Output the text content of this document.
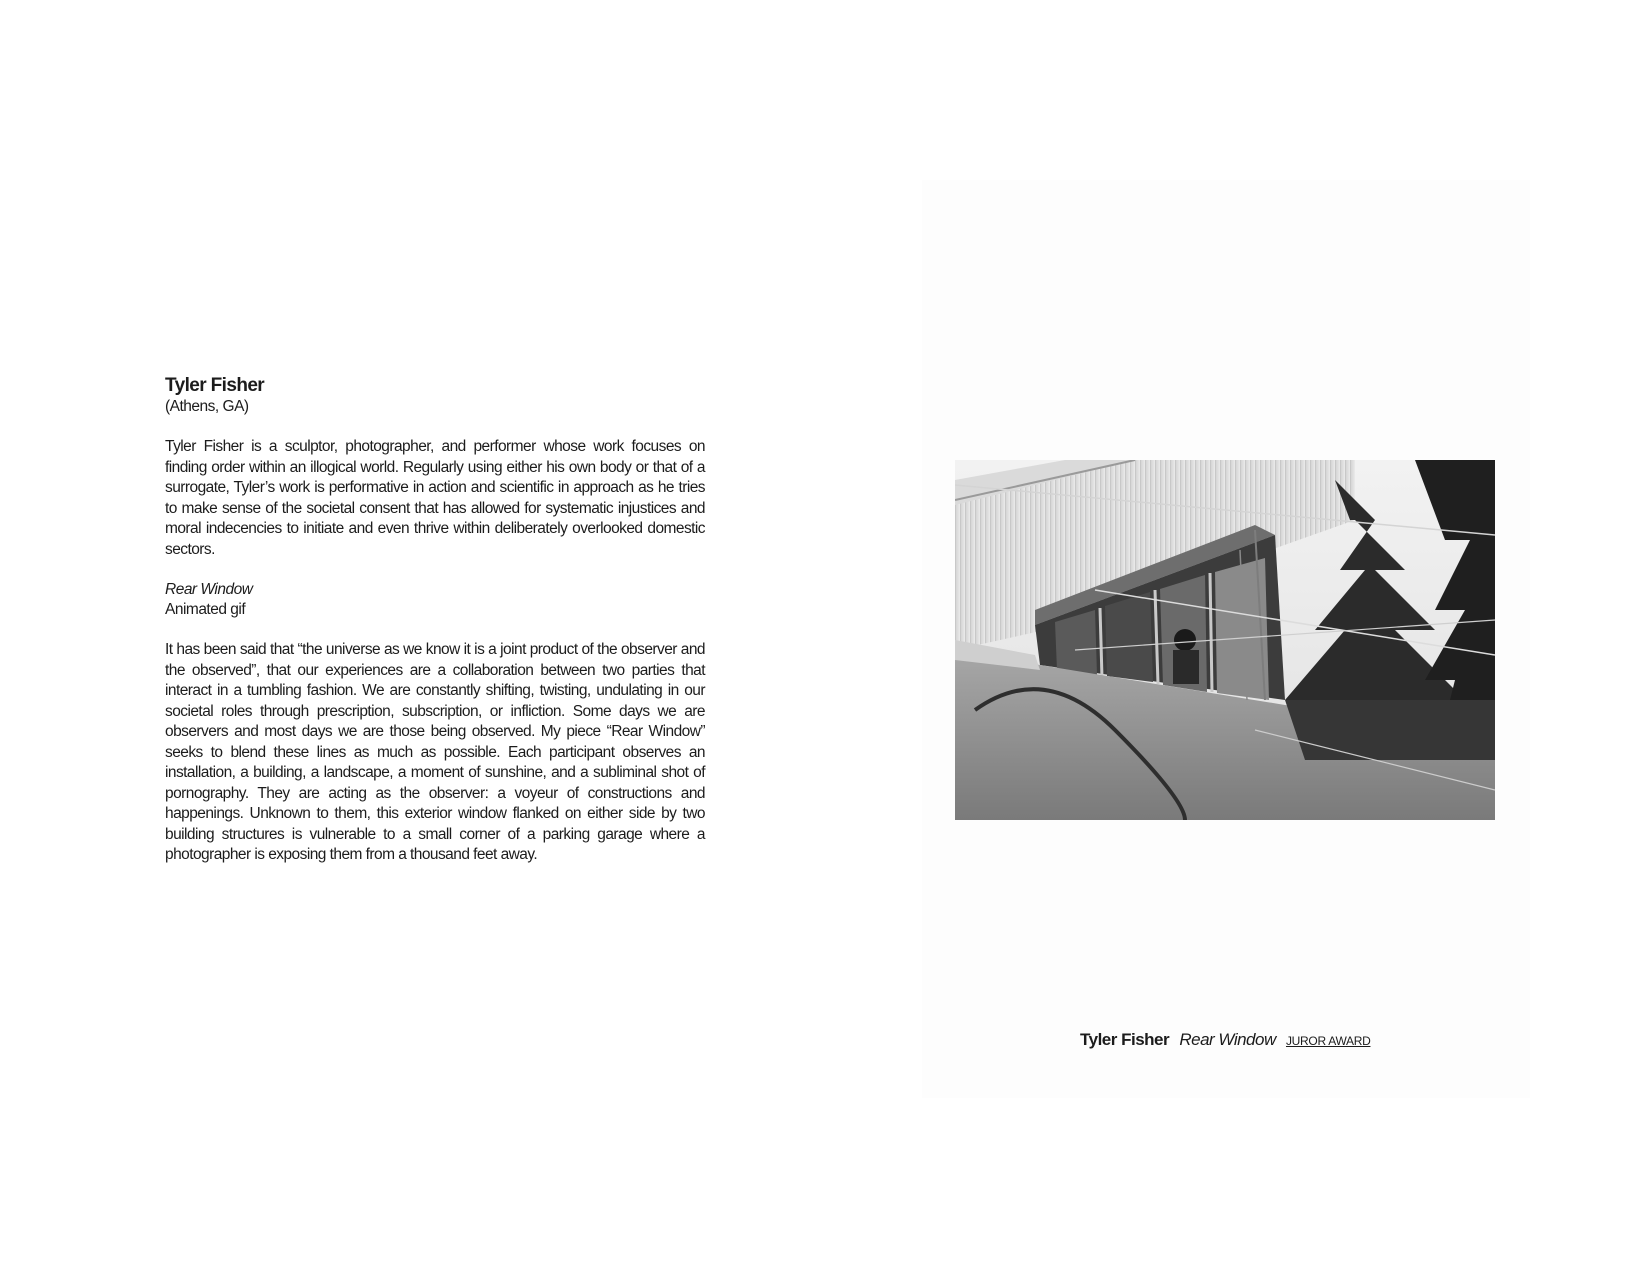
Tyler Fisher

(Athens, GA)

Tyler Fisher is a sculptor, photographer, and performer whose work focuses on finding order within an illogical world. Regularly using either his own body or that of a surrogate, Tyler’s work is performative in action and scientific in approach as he tries to make sense of the societal consent that has allowed for systematic injustices and moral indecencies to initiate and even thrive within deliberately overlooked domestic sectors.

Rear Window

Animated gif

It has been said that “the universe as we know it is a joint product of the observer and the observed”, that our experiences are a collaboration between two parties that interact in a tumbling fashion. We are constantly shifting, twisting, undulating in our societal roles through prescription, subscription, or infliction. Some days we are observers and most days we are those being observed. My piece “Rear Window” seeks to blend these lines as much as possible. Each participant observes an installation, a building, a landscape, a moment of sunshine, and a subliminal shot of pornography. They are acting as the observer: a voyeur of constructions and happenings. Unknown to them, this exterior window flanked on either side by two building structures is vulnerable to a small corner of a parking garage where a photographer is exposing them from a thousand feet away.

Tyler Fisher Rear Window JUROR AWARD
